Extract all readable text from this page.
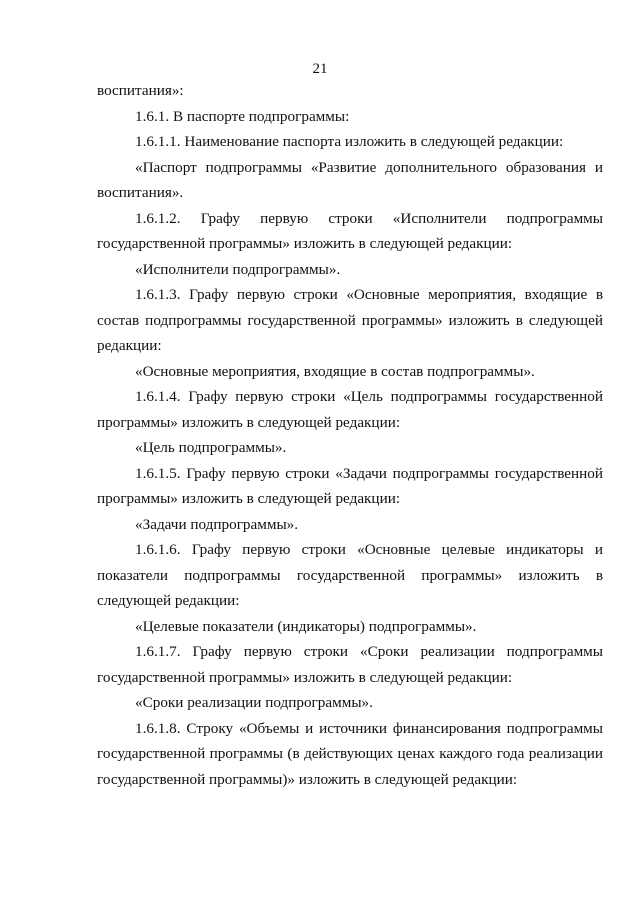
21

воспитания»:

1.6.1. В паспорте подпрограммы:

1.6.1.1. Наименование паспорта изложить в следующей редакции:

«Паспорт подпрограммы «Развитие дополнительного образования и воспитания».

1.6.1.2. Графу первую строки «Исполнители подпрограммы государственной программы» изложить в следующей редакции:

«Исполнители подпрограммы».

1.6.1.3. Графу первую строки «Основные мероприятия, входящие в состав подпрограммы государственной программы» изложить в следующей редакции:

«Основные мероприятия, входящие в состав подпрограммы».

1.6.1.4. Графу первую строки «Цель подпрограммы государственной программы» изложить в следующей редакции:

«Цель подпрограммы».

1.6.1.5. Графу первую строки «Задачи подпрограммы государственной программы» изложить в следующей редакции:

«Задачи подпрограммы».

1.6.1.6. Графу первую строки «Основные целевые индикаторы и показатели подпрограммы государственной программы» изложить в следующей редакции:

«Целевые показатели (индикаторы) подпрограммы».

1.6.1.7. Графу первую строки «Сроки реализации подпрограммы государственной программы» изложить в следующей редакции:

«Сроки реализации подпрограммы».

1.6.1.8. Строку «Объемы и источники финансирования подпрограммы государственной программы (в действующих ценах каждого года реализации государственной программы)» изложить в следующей редакции:
